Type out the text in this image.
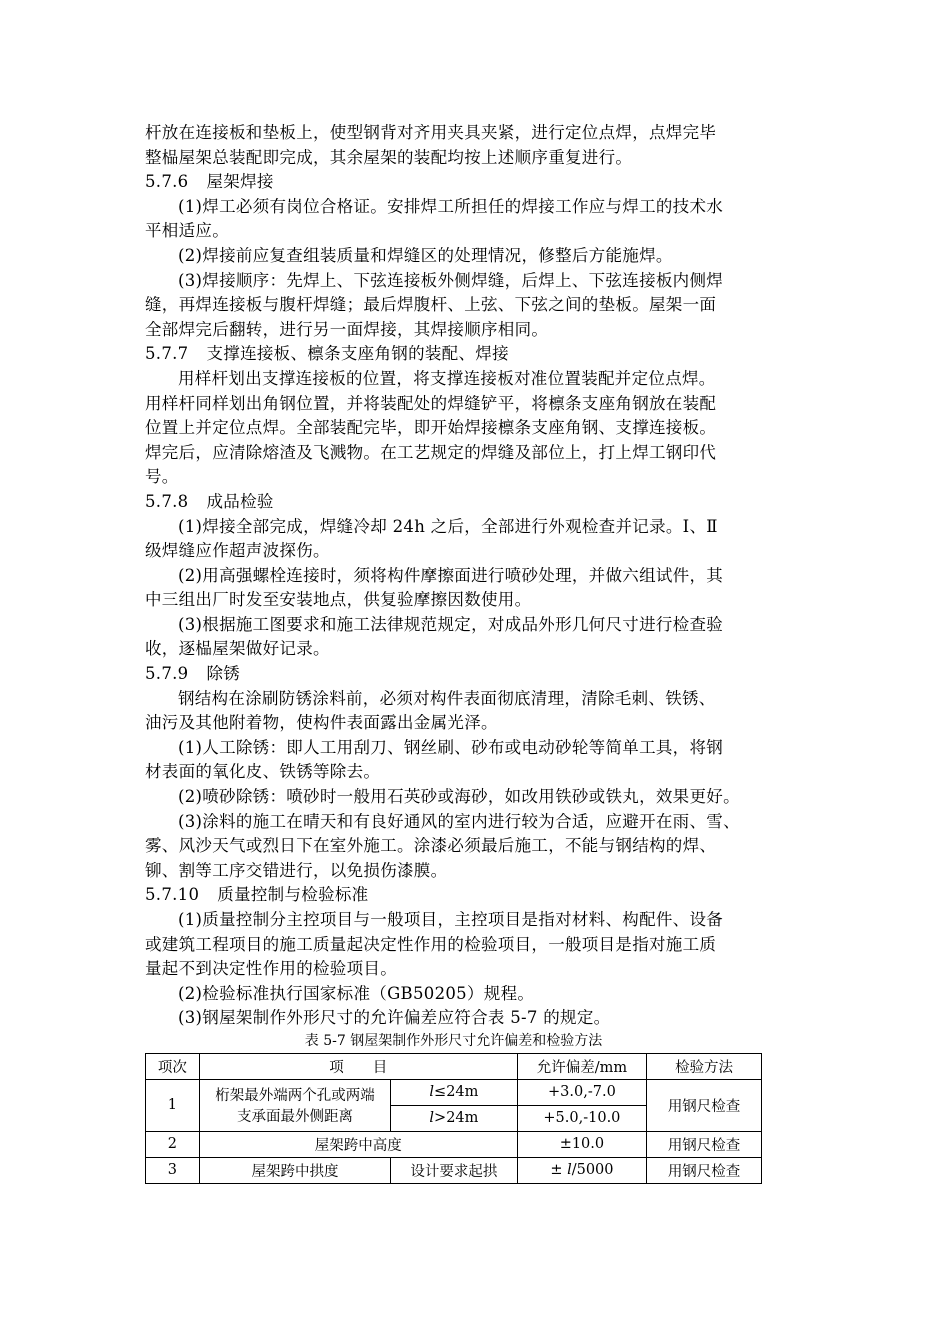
杆放在连接板和垫板上，使型钢背对齐用夹具夹紧，进行定位点焊，点焊完毕
整榀屋架总装配即完成，其余屋架的装配均按上述顺序重复进行。
5.7.6 屋架焊接
(1)焊工必须有岗位合格证。安排焊工所担任的焊接工作应与焊工的技术水
平相适应。
(2)焊接前应复查组装质量和焊缝区的处理情况，修整后方能施焊。
(3)焊接顺序：先焊上、下弦连接板外侧焊缝，后焊上、下弦连接板内侧焊
缝，再焊连接板与腹杆焊缝；最后焊腹杆、上弦、下弦之间的垫板。屋架一面
全部焊完后翻转，进行另一面焊接，其焊接顺序相同。
5.7.7 支撑连接板、檩条支座角钢的装配、焊接
用样杆划出支撑连接板的位置，将支撑连接板对准位置装配并定位点焊。
用样杆同样划出角钢位置，并将装配处的焊缝铲平，将檩条支座角钢放在装配
位置上并定位点焊。全部装配完毕，即开始焊接檩条支座角钢、支撑连接板。
焊完后，应清除熔渣及飞溅物。在工艺规定的焊缝及部位上，打上焊工钢印代
号。
5.7.8 成品检验
(1)焊接全部完成，焊缝冷却 24h 之后，全部进行外观检查并记录。Ⅰ、Ⅱ
级焊缝应作超声波探伤。
(2)用高强螺栓连接时，须将构件摩擦面进行喷砂处理，并做六组试件，其
中三组出厂时发至安装地点，供复验摩擦因数使用。
(3)根据施工图要求和施工法律规范规定，对成品外形几何尺寸进行检查验
收，逐榀屋架做好记录。
5.7.9 除锈
钢结构在涂刷防锈涂料前，必须对构件表面彻底清理，清除毛刺、铁锈、
油污及其他附着物，使构件表面露出金属光泽。
(1)人工除锈：即人工用刮刀、钢丝刷、砂布或电动砂轮等简单工具，将钢
材表面的氧化皮、铁锈等除去。
(2)喷砂除锈：喷砂时一般用石英砂或海砂，如改用铁砂或铁丸，效果更好。
(3)涂料的施工在晴天和有良好通风的室内进行较为合适，应避开在雨、雪、
雾、风沙天气或烈日下在室外施工。涂漆必须最后施工，不能与钢结构的焊、
铆、割等工序交错进行，以免损伤漆膜。
5.7.10 质量控制与检验标准
(1)质量控制分主控项目与一般项目，主控项目是指对材料、构配件、设备
或建筑工程项目的施工质量起决定性作用的检验项目，一般项目是指对施工质
量起不到决定性作用的检验项目。
(2)检验标准执行国家标准（GB50205）规程。
(3)钢屋架制作外形尺寸的允许偏差应符合表 5-7 的规定。
表 5-7 钢屋架制作外形尺寸允许偏差和检验方法
项次	项　　目		允许偏差/mm	检验方法
1	桁架最外端两个孔或两端
支承面最外侧距离	l≤24m	+3.0,-7.0	用钢尺检查
		l>24m	+5.0,-10.0	
2	屋架跨中高度		±10.0	用钢尺检查
3	屋架跨中拱度	设计要求起拱	± l/5000	用钢尺检查
